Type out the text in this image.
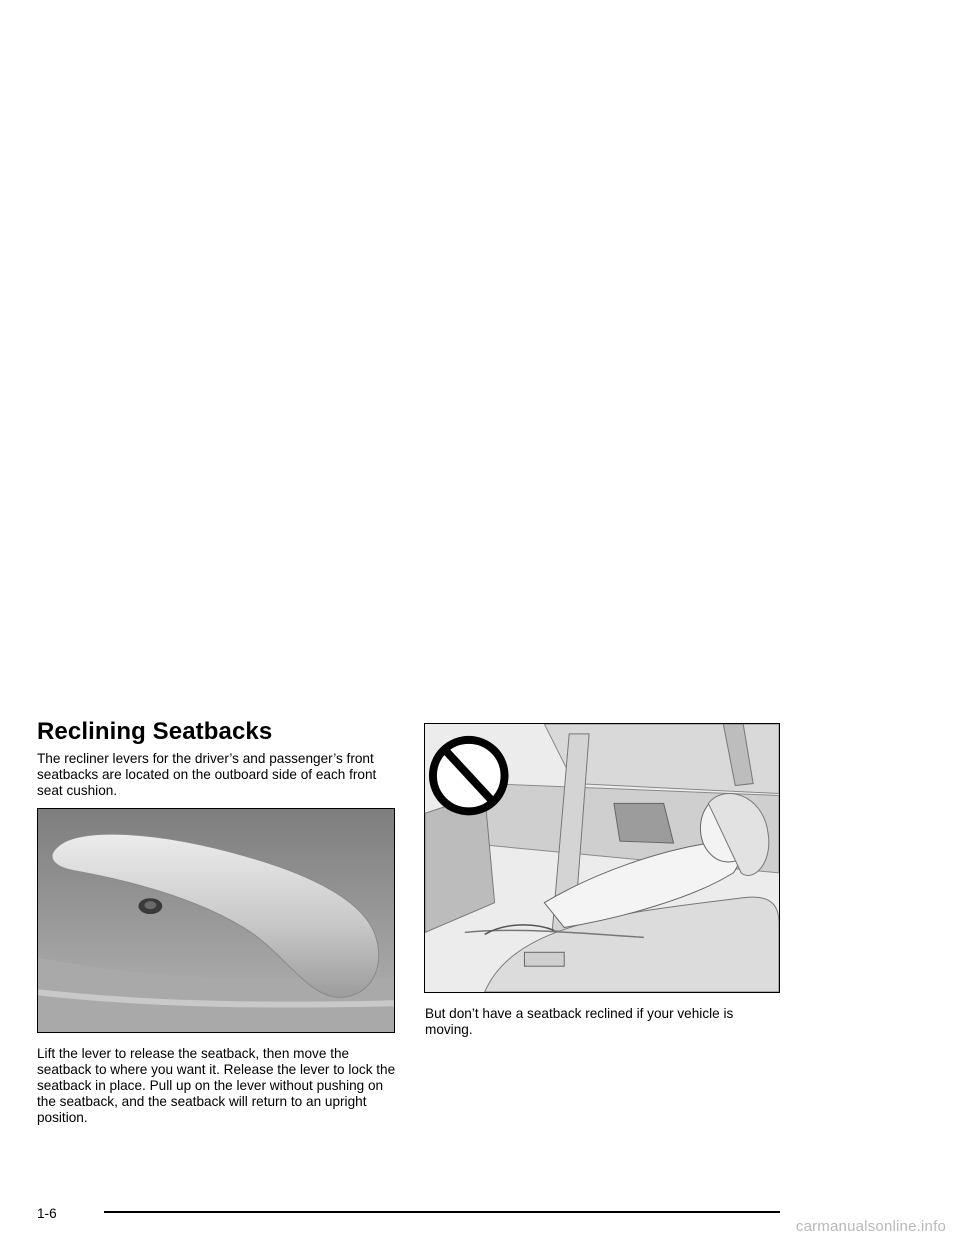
Reclining Seatbacks

The recliner levers for the driver’s and passenger’s front seatbacks are located on the outboard side of each front seat cushion.

Lift the lever to release the seatback, then move the seatback to where you want it. Release the lever to lock the seatback in place. Pull up on the lever without pushing on the seatback, and the seatback will return to an upright position.

But don’t have a seatback reclined if your vehicle is moving.

1-6
carmanualsonline.info
